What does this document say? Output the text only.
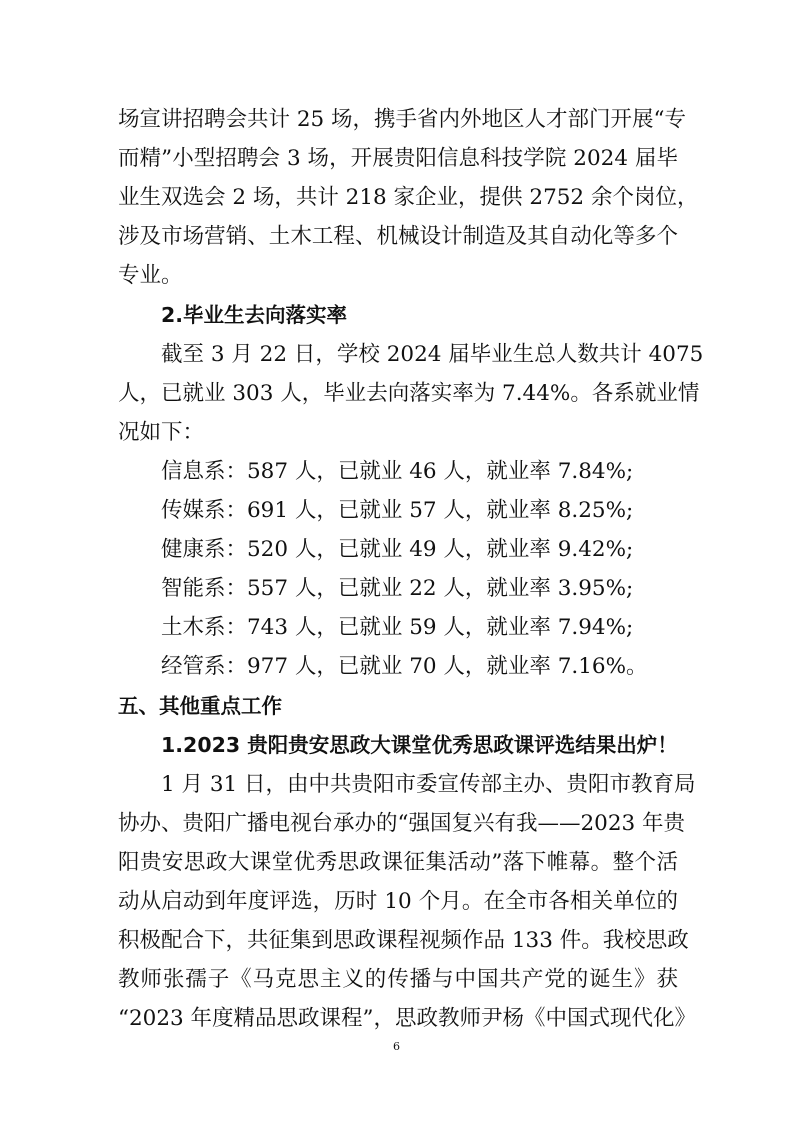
场宣讲招聘会共计 25 场，携手省内外地区人才部门开展“专
而精”小型招聘会 3 场，开展贵阳信息科技学院 2024 届毕
业生双选会 2 场，共计 218 家企业，提供 2752 余个岗位，
涉及市场营销、土木工程、机械设计制造及其自动化等多个
专业。
2.毕业生去向落实率
截至 3 月 22 日，学校 2024 届毕业生总人数共计 4075
人，已就业 303 人，毕业去向落实率为 7.44%。各系就业情
况如下：
信息系：587 人，已就业 46 人，就业率 7.84%;
传媒系：691 人，已就业 57 人，就业率 8.25%;
健康系：520 人，已就业 49 人，就业率 9.42%;
智能系：557 人，已就业 22 人，就业率 3.95%;
土木系：743 人，已就业 59 人，就业率 7.94%;
经管系：977 人，已就业 70 人，就业率 7.16%。
五、其他重点工作
1.2023 贵阳贵安思政大课堂优秀思政课评选结果出炉！
1 月 31 日，由中共贵阳市委宣传部主办、贵阳市教育局
协办、贵阳广播电视台承办的“强国复兴有我——2023 年贵
阳贵安思政大课堂优秀思政课征集活动”落下帷幕。整个活
动从启动到年度评选，历时 10 个月。在全市各相关单位的
积极配合下，共征集到思政课程视频作品 133 件。我校思政
教师张孺子《马克思主义的传播与中国共产党的诞生》获
“2023 年度精品思政课程”，思政教师尹杨《中国式现代化》
6
